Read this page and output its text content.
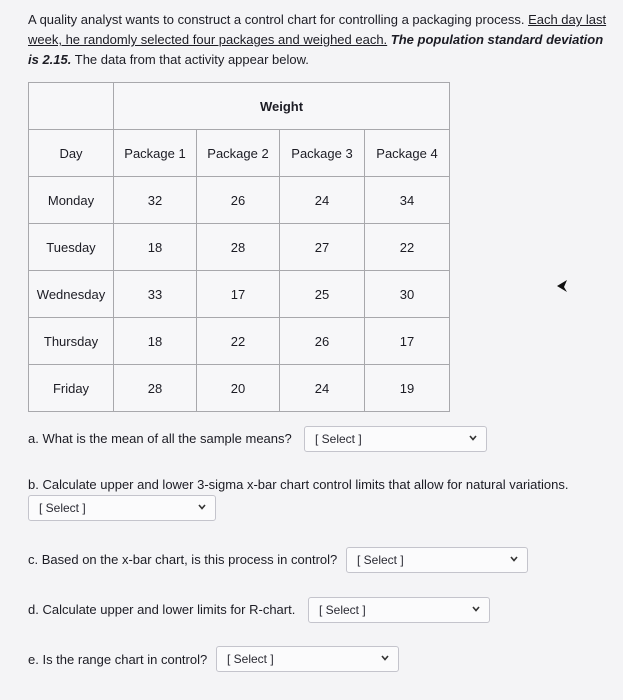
A quality analyst wants to construct a control chart for controlling a packaging process. Each day last week, he randomly selected four packages and weighed each. The population standard deviation is 2.15. The data from that activity appear below.
	Weight			
Day	Package 1	Package 2	Package 3	Package 4
Monday	32	26	24	34
Tuesday	18	28	27	22
Wednesday	33	17	25	30
Thursday	18	22	26	17
Friday	28	20	24	19
a. What is the mean of all the sample means? [ Select ]
b. Calculate upper and lower 3-sigma x-bar chart control limits that allow for natural variations.
[ Select ]
c. Based on the x-bar chart, is this process in control? [ Select ]
d. Calculate upper and lower limits for R-chart. [ Select ]
e. Is the range chart in control? [ Select ]
